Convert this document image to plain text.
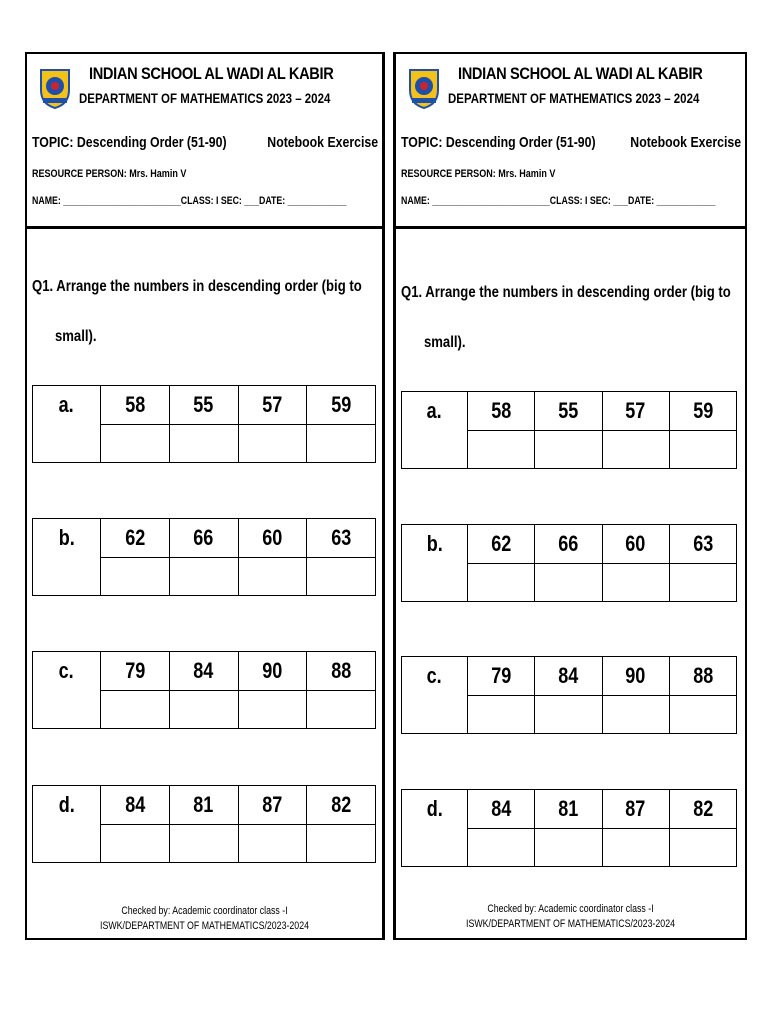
INDIAN SCHOOL AL WADI AL KABIR
DEPARTMENT OF MATHEMATICS 2023 – 2024
TOPIC: Descending Order (51-90)	Notebook Exercise
RESOURCE PERSON: Mrs. Hamin V
NAME: ________________________CLASS: I SEC: ___DATE: ____________
Q1. Arrange the numbers in descending order (big to
small).
a.	58	55	57	59

b.	62	66	60	63

c.	79	84	90	88

d.	84	81	87	82

Checked by: Academic coordinator class -I
ISWK/DEPARTMENT OF MATHEMATICS/2023-2024
INDIAN SCHOOL AL WADI AL KABIR
DEPARTMENT OF MATHEMATICS 2023 – 2024
TOPIC: Descending Order (51-90) Notebook Exercise
RESOURCE PERSON: Mrs. Hamin V
NAME: ________________________CLASS: I SEC: ___DATE: ____________
Q1. Arrange the numbers in descending order (big to
small).
a.	58	55	57	59

b.	62	66	60	63

c.	79	84	90	88

d.	84	81	87	82

Checked by: Academic coordinator class -I
ISWK/DEPARTMENT OF MATHEMATICS/2023-2024
